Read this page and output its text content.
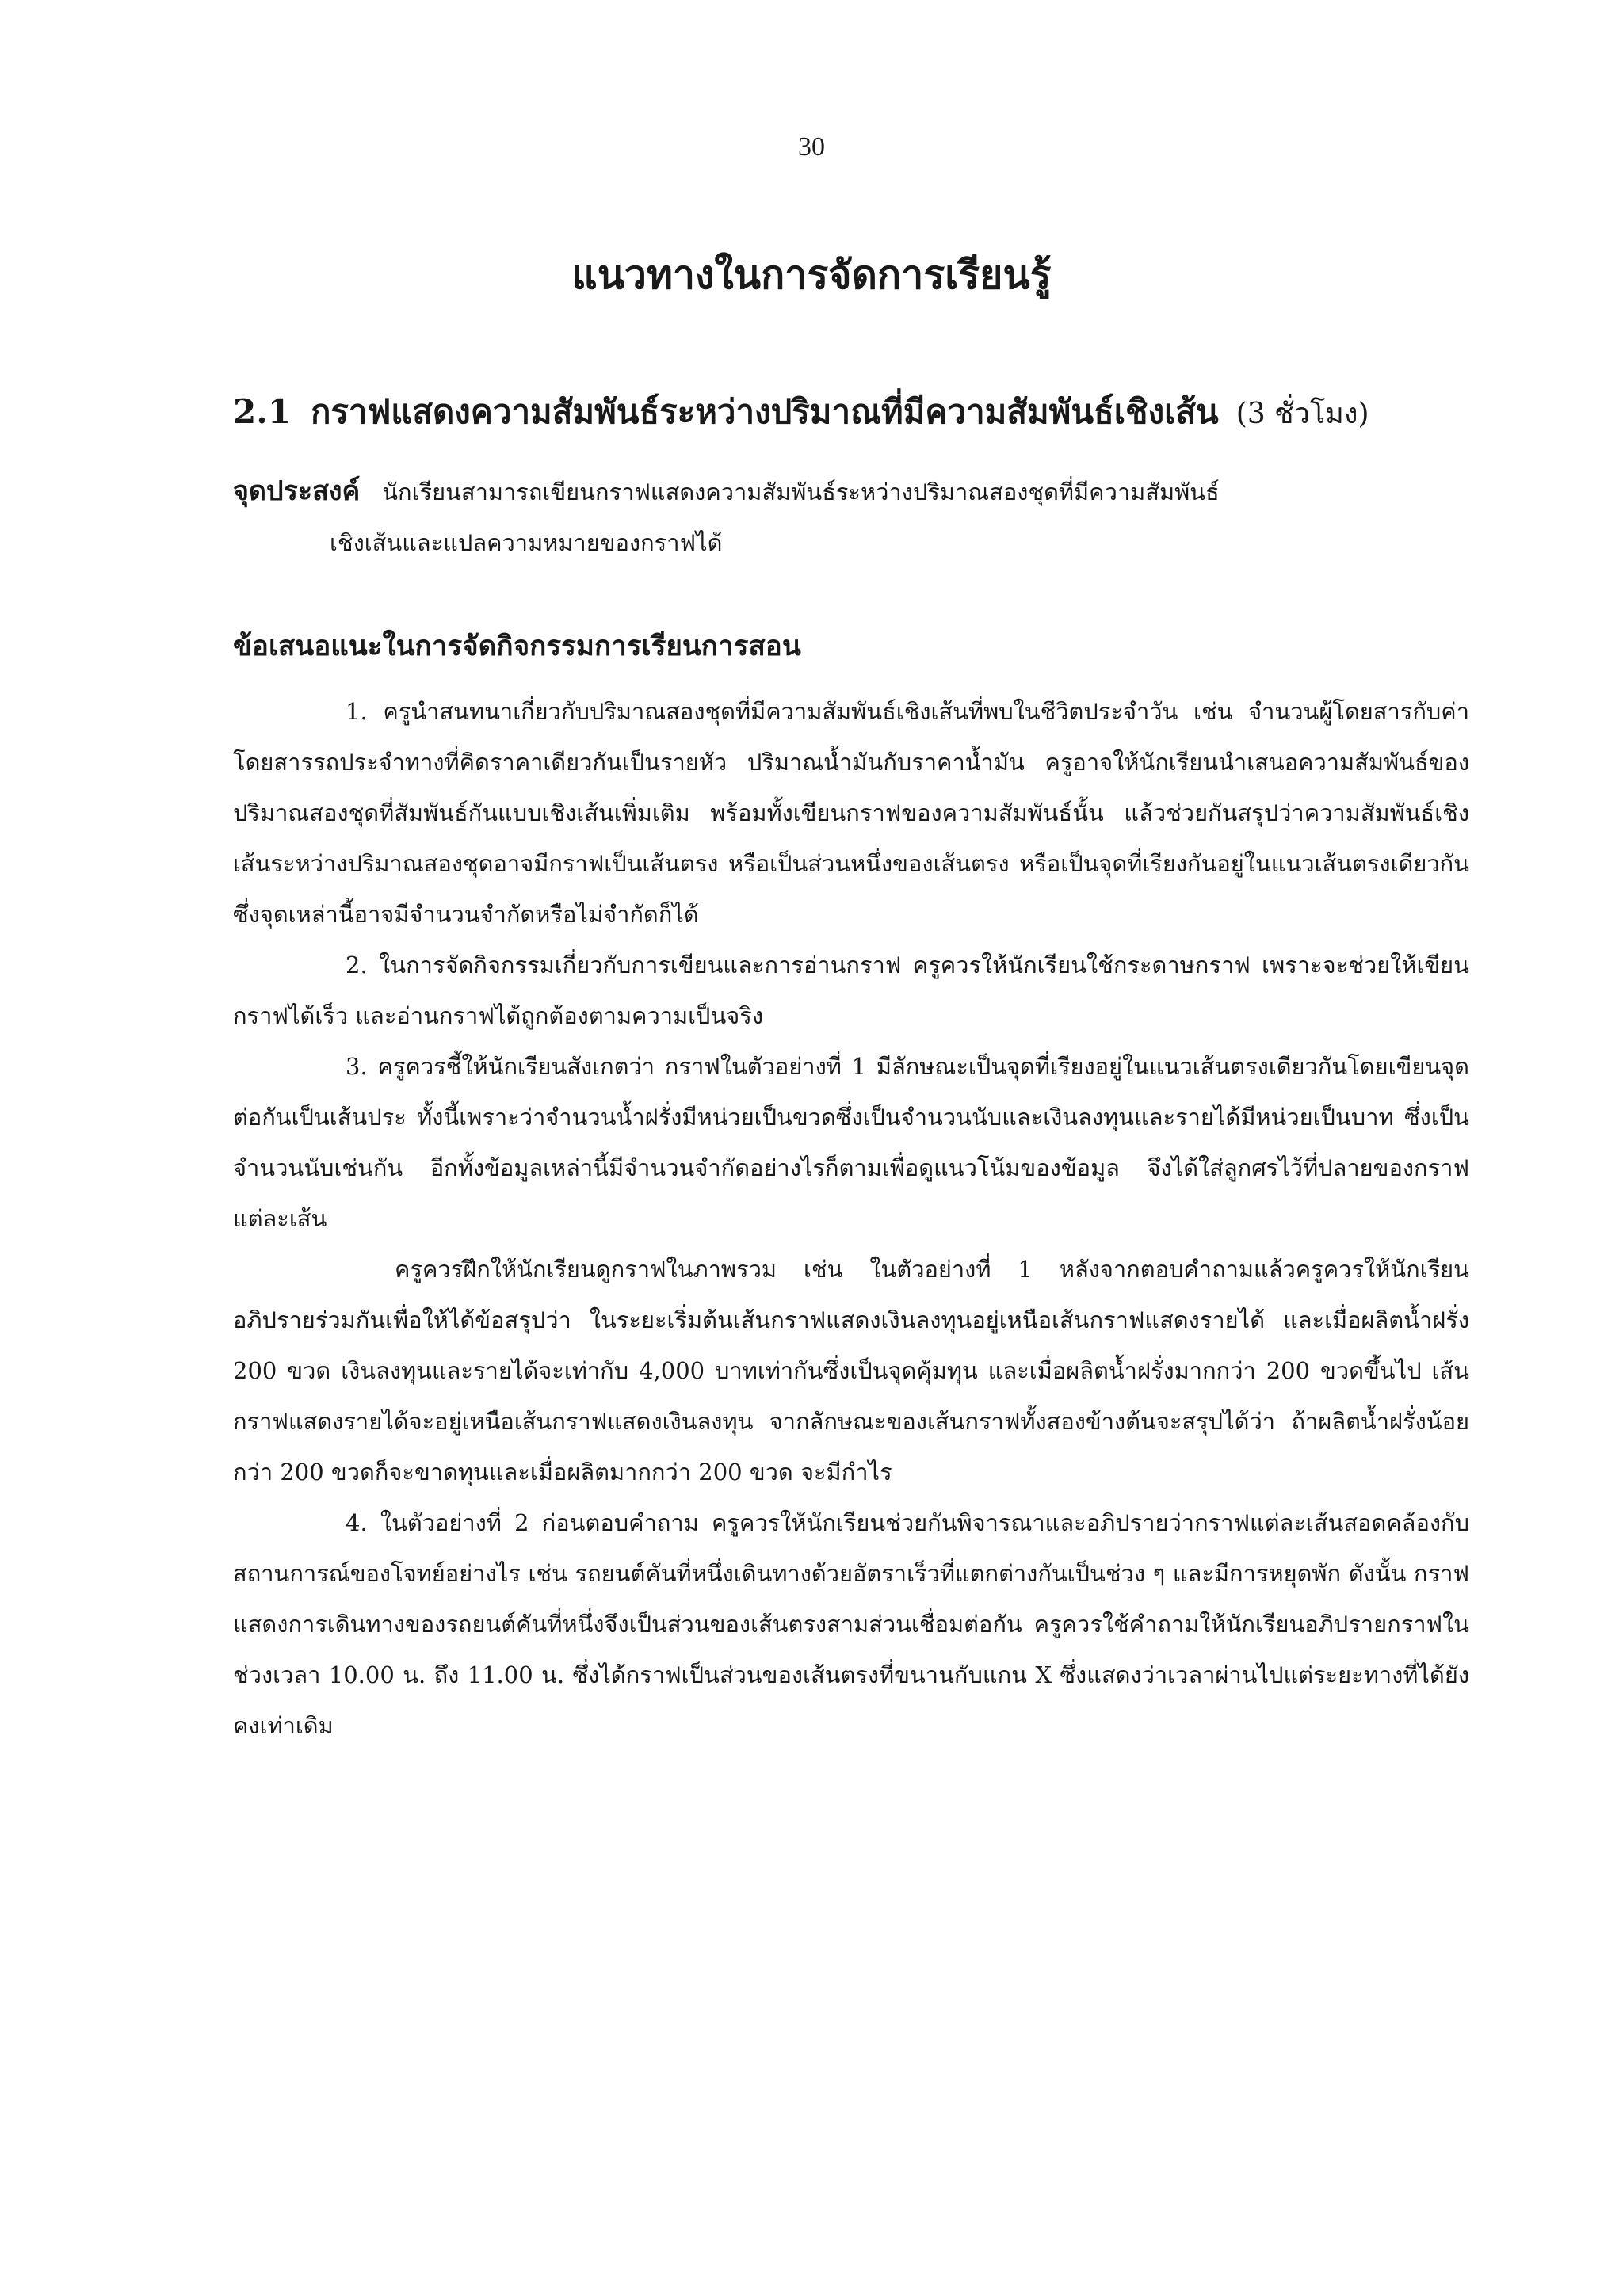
30
แนวทางในการจัดการเรียนรู้
2.1 กราฟแสดงความสัมพันธ์ระหว่างปริมาณที่มีความสัมพันธ์เชิงเส้น (3 ชั่วโมง)
จุดประสงค์ นักเรียนสามารถเขียนกราฟแสดงความสัมพันธ์ระหว่างปริมาณสองชุดที่มีความสัมพันธ์
เชิงเส้นและแปลความหมายของกราฟได้
ข้อเสนอแนะในการจัดกิจกรรมการเรียนการสอน

1. ครูนำสนทนาเกี่ยวกับปริมาณสองชุดที่มีความสัมพันธ์เชิงเส้นที่พบในชีวิตประจำวัน เช่น จำนวนผู้โดยสารกับค่าโดยสารรถประจำทางที่คิดราคาเดียวกันเป็นรายหัว ปริมาณน้ำมันกับราคาน้ำมัน ครูอาจให้นักเรียนนำเสนอความสัมพันธ์ของปริมาณสองชุดที่สัมพันธ์กันแบบเชิงเส้นเพิ่มเติม พร้อมทั้งเขียนกราฟของความสัมพันธ์นั้น แล้วช่วยกันสรุปว่าความสัมพันธ์เชิงเส้นระหว่างปริมาณสองชุดอาจมีกราฟเป็นเส้นตรง หรือเป็นส่วนหนึ่งของเส้นตรง หรือเป็นจุดที่เรียงกันอยู่ในแนวเส้นตรงเดียวกันซึ่งจุดเหล่านี้อาจมีจำนวนจำกัดหรือไม่จำกัดก็ได้

2. ในการจัดกิจกรรมเกี่ยวกับการเขียนและการอ่านกราฟ ครูควรให้นักเรียนใช้กระดาษกราฟ เพราะจะช่วยให้เขียนกราฟได้เร็ว และอ่านกราฟได้ถูกต้องตามความเป็นจริง

3. ครูควรชี้ให้นักเรียนสังเกตว่า กราฟในตัวอย่างที่ 1 มีลักษณะเป็นจุดที่เรียงอยู่ในแนวเส้นตรงเดียวกันโดยเขียนจุดต่อกันเป็นเส้นประ ทั้งนี้เพราะว่าจำนวนน้ำฝรั่งมีหน่วยเป็นขวดซึ่งเป็นจำนวนนับและเงินลงทุนและรายได้มีหน่วยเป็นบาท ซึ่งเป็นจำนวนนับเช่นกัน อีกทั้งข้อมูลเหล่านี้มีจำนวนจำกัดอย่างไรก็ตามเพื่อดูแนวโน้มของข้อมูล จึงได้ใส่ลูกศรไว้ที่ปลายของกราฟแต่ละเส้น

ครูควรฝึกให้นักเรียนดูกราฟในภาพรวม เช่น ในตัวอย่างที่ 1 หลังจากตอบคำถามแล้วครูควรให้นักเรียนอภิปรายร่วมกันเพื่อให้ได้ข้อสรุปว่า ในระยะเริ่มต้นเส้นกราฟแสดงเงินลงทุนอยู่เหนือเส้นกราฟแสดงรายได้ และเมื่อผลิตน้ำฝรั่ง 200 ขวด เงินลงทุนและรายได้จะเท่ากับ 4,000 บาทเท่ากันซึ่งเป็นจุดคุ้มทุน และเมื่อผลิตน้ำฝรั่งมากกว่า 200 ขวดขึ้นไป เส้นกราฟแสดงรายได้จะอยู่เหนือเส้นกราฟแสดงเงินลงทุน จากลักษณะของเส้นกราฟทั้งสองข้างต้นจะสรุปได้ว่า ถ้าผลิตน้ำฝรั่งน้อยกว่า 200 ขวดก็จะขาดทุนและเมื่อผลิตมากกว่า 200 ขวด จะมีกำไร

4. ในตัวอย่างที่ 2 ก่อนตอบคำถาม ครูควรให้นักเรียนช่วยกันพิจารณาและอภิปรายว่ากราฟแต่ละเส้นสอดคล้องกับสถานการณ์ของโจทย์อย่างไร เช่น รถยนต์คันที่หนึ่งเดินทางด้วยอัตราเร็วที่แตกต่างกันเป็นช่วง ๆ และมีการหยุดพัก ดังนั้น กราฟแสดงการเดินทางของรถยนต์คันที่หนึ่งจึงเป็นส่วนของเส้นตรงสามส่วนเชื่อมต่อกัน ครูควรใช้คำถามให้นักเรียนอภิปรายกราฟในช่วงเวลา 10.00 น. ถึง 11.00 น. ซึ่งได้กราฟเป็นส่วนของเส้นตรงที่ขนานกับแกน X ซึ่งแสดงว่าเวลาผ่านไปแต่ระยะทางที่ได้ยังคงเท่าเดิม
